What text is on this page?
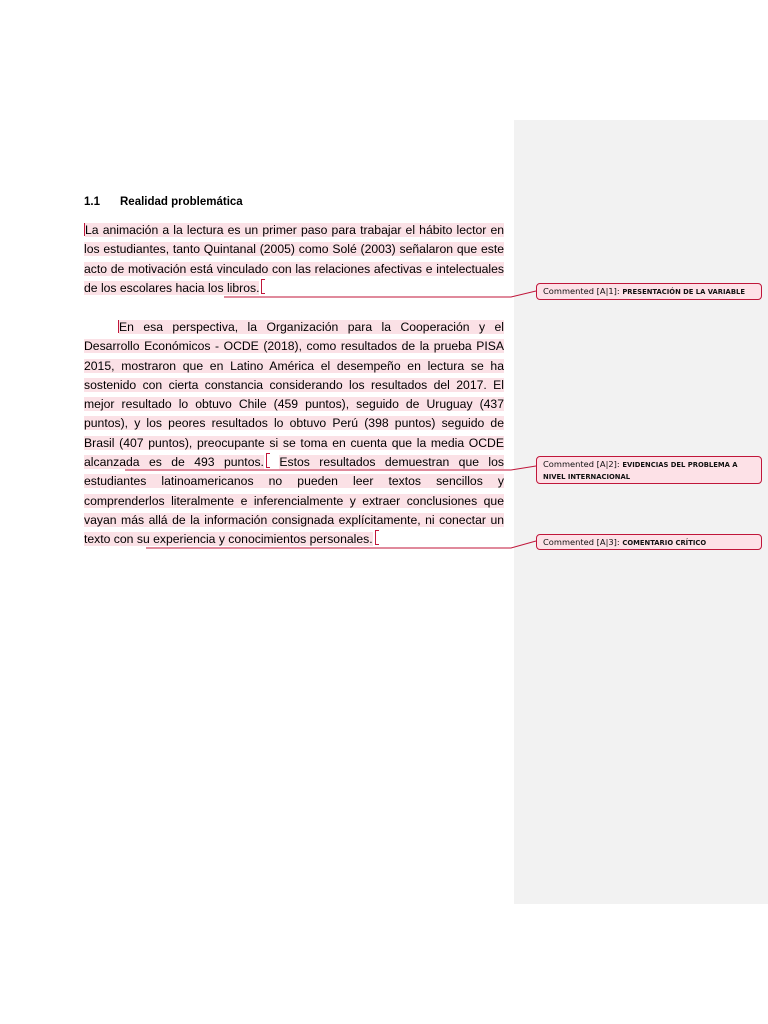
1.1 Realidad problemática
La animación a la lectura es un primer paso para trabajar el hábito lector en los estudiantes, tanto Quintanal (2005) como Solé (2003) señalaron que este acto de motivación está vinculado con las relaciones afectivas e intelectuales de los escolares hacia los libros.
En esa perspectiva, la Organización para la Cooperación y el Desarrollo Económicos - OCDE (2018), como resultados de la prueba PISA 2015, mostraron que en Latino América el desempeño en lectura se ha sostenido con cierta constancia considerando los resultados del 2017. El mejor resultado lo obtuvo Chile (459 puntos), seguido de Uruguay (437 puntos), y los peores resultados lo obtuvo Perú (398 puntos) seguido de Brasil (407 puntos), preocupante si se toma en cuenta que la media OCDE alcanzada es de 493 puntos. Estos resultados demuestran que los estudiantes latinoamericanos no pueden leer textos sencillos y comprenderlos literalmente e inferencialmente y extraer conclusiones que vayan más allá de la información consignada explícitamente, ni conectar un texto con su experiencia y conocimientos personales.
Commented [A|1]: PRESENTACIÓN DE LA VARIABLE
Commented [A|2]: EVIDENCIAS DEL PROBLEMA A NIVEL INTERNACIONAL
Commented [A|3]: COMENTARIO CRÍTICO
